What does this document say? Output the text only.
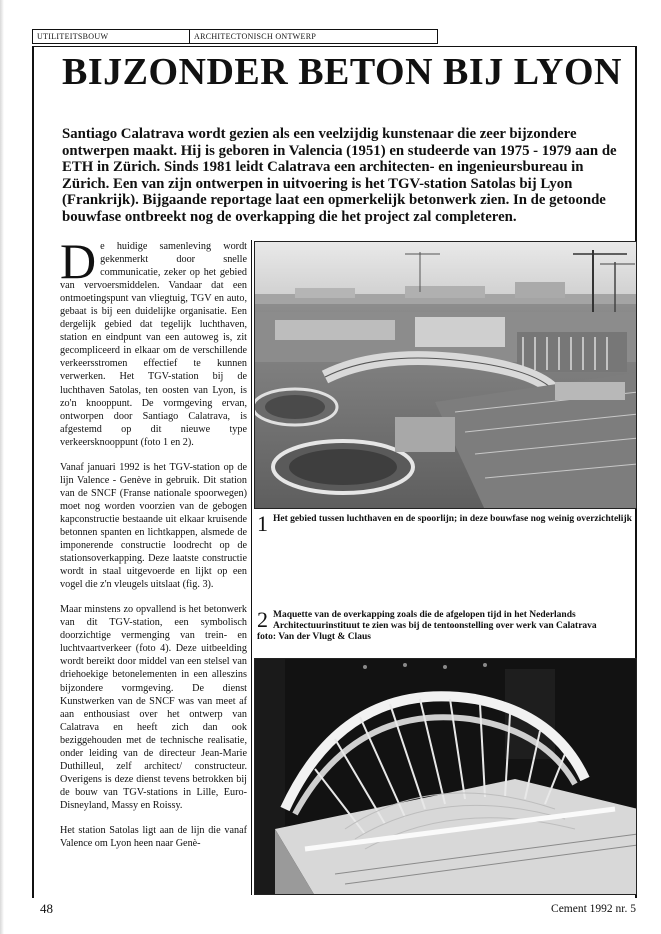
UTILITEITSBOUW	ARCHITECTONISCH ONTWERP
BIJZONDER BETON BIJ LYON

Santiago Calatrava wordt gezien als een veelzijdig kunstenaar die zeer bijzondere ontwerpen maakt. Hij is geboren in Valencia (1951) en studeerde van 1975 - 1979 aan de ETH in Zürich. Sinds 1981 leidt Calatrava een architecten- en ingenieursbureau in Zürich. Een van zijn ontwerpen in uitvoering is het TGV-station Satolas bij Lyon (Frankrijk). Bijgaande reportage laat een opmerkelijk betonwerk zien. In de getoonde bouwfase ontbreekt nog de overkapping die het project zal completeren.

De huidige samenleving wordt gekenmerkt door snelle communicatie, zeker op het gebied van vervoersmiddelen. Vandaar dat een ontmoetingspunt van vliegtuig, TGV en auto, gebaat is bij een duidelijke organisatie. Een dergelijk gebied dat tegelijk luchthaven, station en eindpunt van een autoweg is, zit gecompliceerd in elkaar om de verschillende verkeersstromen effectief te kunnen verwerken. Het TGV-station bij de luchthaven Satolas, ten oosten van Lyon, is zo'n knooppunt. De vormgeving ervan, ontworpen door Santiago Calatrava, is afgestemd op dit nieuwe type verkeersknooppunt (foto 1 en 2).

Vanaf januari 1992 is het TGV-station op de lijn Valence - Genève in gebruik. Dit station van de SNCF (Franse nationale spoorwegen) moet nog worden voorzien van de gebogen kapconstructie bestaande uit elkaar kruisende betonnen spanten en lichtkappen, alsmede de imponerende constructie loodrecht op de stationsoverkapping. Deze laatste constructie wordt in staal uitgevoerde en lijkt op een vogel die z'n vleugels uitslaat (fig. 3).

Maar minstens zo opvallend is het betonwerk van dit TGV-station, een symbolisch doorzichtige vermenging van trein- en luchtvaartverkeer (foto 4). Deze uitbeelding wordt bereikt door middel van een stelsel van driehoekige betonelementen in een alleszins bijzondere vormgeving. De dienst Kunstwerken van de SNCF was van meet af aan enthousiast over het ontwerp van Calatrava en heeft zich dan ook beziggehouden met de technische realisatie, onder leiding van de directeur Jean-Marie Duthilleul, zelf architect/ constructeur. Overigens is deze dienst tevens betrokken bij de bouw van TGV-stations in Lille, Euro-Disneyland, Massy en Roissy.

Het station Satolas ligt aan de lijn die vanaf Valence om Lyon heen naar Genè-

1 Het gebied tussen luchthaven en de spoorlijn; in deze bouwfase nog weinig overzichtelijk
2 Maquette van de overkapping zoals die de afgelopen tijd in het Nederlands Architectuurinstituut te zien was bij de tentoonstelling over werk van Calatrava
foto: Van der Vlugt & Claus
48	Cement 1992 nr. 5
